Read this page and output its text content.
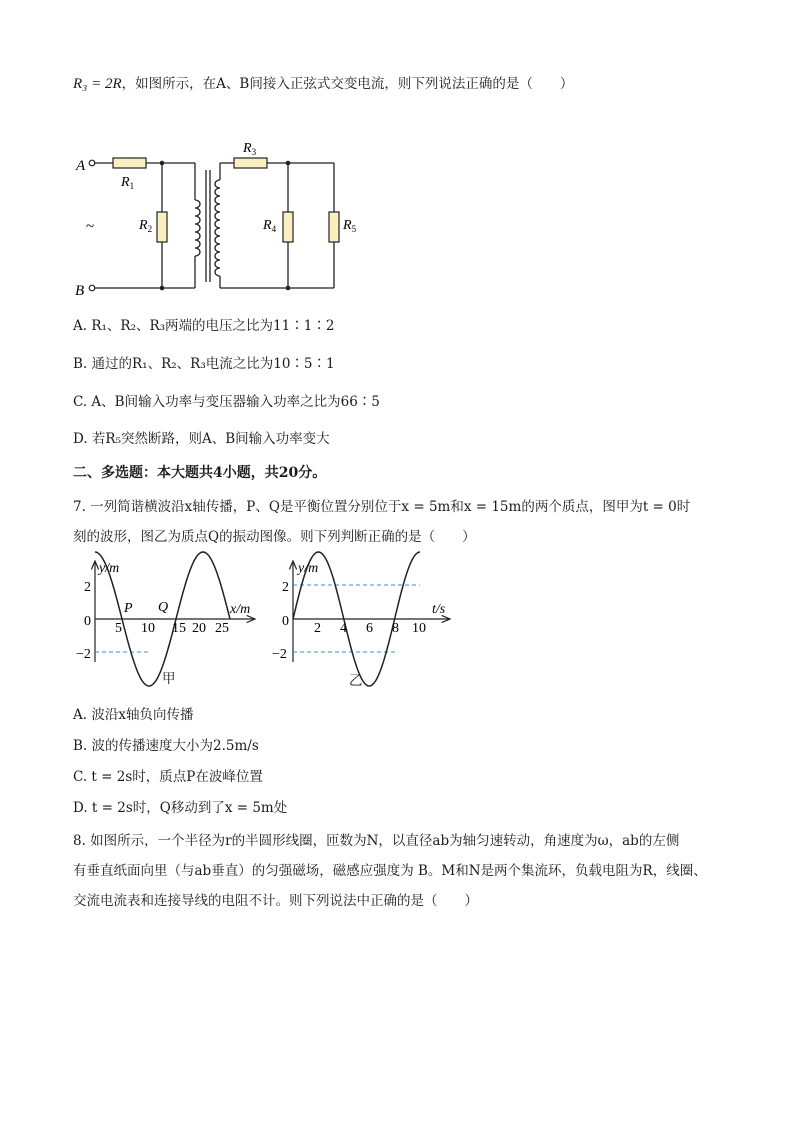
R₃ = 2R，如图所示，在A、B间接入正弦式交变电流，则下列说法正确的是（　　）
A
B
~
$R_1$
$R_2$
$R_3$
$R_4$	$R_5$
A. R₁、R₂、R₃两端的电压之比为11∶1∶2
B. 通过的R₁、R₂、R₃电流之比为10∶5∶1
C. A、B间输入功率与变压器输入功率之比为66∶5
D. 若R₅突然断路，则A、B间输入功率变大
二、多选题：本大题共4小题，共20分。
7. 一列简谐横波沿x轴传播，P、Q是平衡位置分别位于x = 5m和x = 15m的两个质点，图甲为t = 0时
刻的波形，图乙为质点Q的振动图像。则下列判断正确的是（　　）
y/m
x/m
2
0
−2
5 10 15 20 25
P Q
甲
y/m
t/s
2
0
−2
2 4 6 8 10
乙
A. 波沿x轴负向传播
B. 波的传播速度大小为2.5m/s
C. t = 2s时，质点P在波峰位置
D. t = 2s时，Q移动到了x = 5m处
8. 如图所示，一个半径为r的半圆形线圈，匝数为N，以直径ab为轴匀速转动，角速度为ω，ab的左侧
有垂直纸面向里（与ab垂直）的匀强磁场，磁感应强度为 B。M和N是两个集流环，负载电阻为R，线圈、
交流电流表和连接导线的电阻不计。则下列说法中正确的是（　　）
